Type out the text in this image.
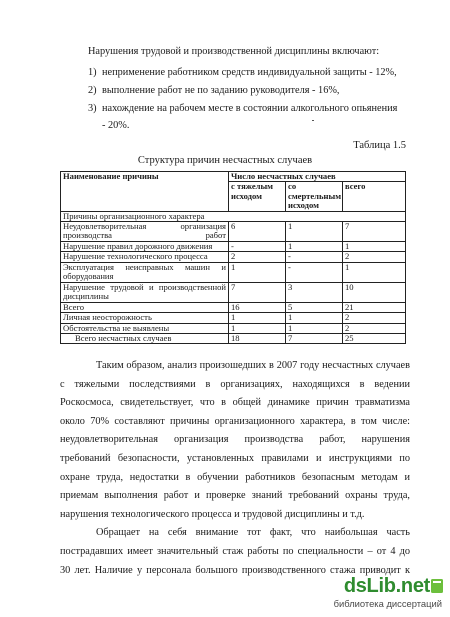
Нарушения трудовой и производственной дисциплины включают:
1) неприменение работником средств индивидуальной защиты - 12%,
2) выполнение работ не по заданию руководителя - 16%,
3) нахождение на рабочем месте в состоянии алкогольного опьянения
- 20%.
Таблица 1.5
Структура причин несчастных случаев
Наименование причины	Число несчастных случаев		
	с тяжелым исходом	со смертельным исходом	всего
Причины организационного характера			
Неудовлетворительная организация производства работ	6	1	7
Нарушение правил дорожного движения	-	1	1
Нарушение технологического процесса	2	-	2
Эксплуатация неисправных машин и оборудования	1	-	1
Нарушение трудовой и производственной дисциплины	7	3	10
Всего	16	5	21
Личная неосторожность	1	1	2
Обстоятельства не выявлены	1	1	2
Всего несчастных случаев	18	7	25
Таким образом, анализ произошедших в 2007 году несчастных случаев
с тяжелыми последствиями в организациях, находящихся в ведении
Роскосмоса, свидетельствует, что в общей динамике причин травматизма
около 70% составляют причины организационного характера, в том числе:
неудовлетворительная организация производства работ, нарушения
требований безопасности, установленных правилами и инструкциями по
охране труда, недостатки в обучении работников безопасным методам и
приемам выполнения работ и проверке знаний требований охраны труда,
нарушения технологического процесса и трудовой дисциплины и т.д.
Обращает на себя внимание тот факт, что наибольшая часть
пострадавших имеет значительный стаж работы по специальности – от 4 до
30 лет. Наличие у персонала большого производственного стажа приводит к
dsLib.net
библиотека диссертаций
